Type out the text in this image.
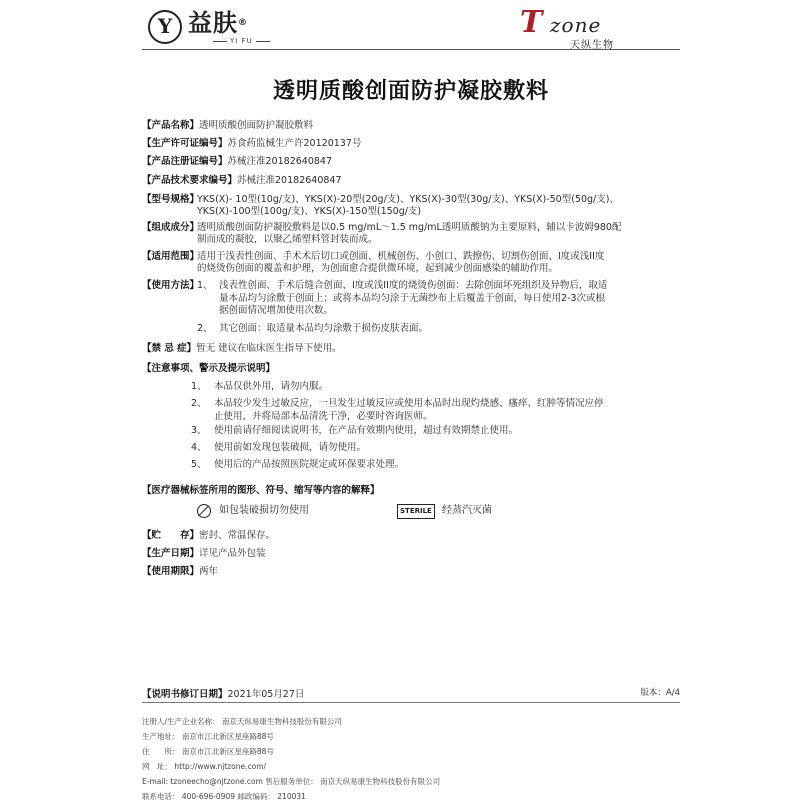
Y 益肤®
YI FU
T zone
天纵生物
透明质酸创面防护凝胶敷料
【产品名称】透明质酸创面防护凝胶敷料
【生产许可证编号】苏食药监械生产许20120137号
【产品注册证编号】苏械注准20182640847
【产品技术要求编号】苏械注准20182640847
【型号规格】
YKS(X)- 10型(10g/支)、YKS(X)-20型(20g/支)、YKS(X)-30型(30g/支)、YKS(X)-50型(50g/支)、
YKS(X)-100型(100g/支)、YKS(X)-150型(150g/支)
【组成成分】
透明质酸创面防护凝胶敷料是以0.5 mg/mL～1.5 mg/mL透明质酸钠为主要原料，辅以卡波姆980配
制而成的凝胶，以聚乙烯塑料管封装而成。
【适用范围】
适用于浅表性创面、手术术后切口或创面、机械创伤、小创口、跌擦伤、切割伤创面、I度或浅II度
的烧烫伤创面的覆盖和护理，为创面愈合提供微环境，起到减少创面感染的辅助作用。
【使用方法】
1、 浅表性创面、手术后缝合创面、I度或浅II度的烧烫伤创面：去除创面坏死组织及异物后，取适
量本品均匀涂敷于创面上；或将本品均匀涂于无菌纱布上后覆盖于创面，每日使用2-3次或根
据创面情况增加使用次数。
2、 其它创面：取适量本品均匀涂敷于损伤皮肤表面。
【禁 忌 症】暂无 建议在临床医生指导下使用。
【注意事项、警示及提示说明】
1、 本品仅供外用，请勿内服。
2、 本品较少发生过敏反应，一旦发生过敏反应或使用本品时出现灼烧感、瘙痒、红肿等情况应停
止使用，并将局部本品清洗干净，必要时咨询医师。
3、 使用前请仔细阅读说明书，在产品有效期内使用，超过有效期禁止使用。
4、 使用前如发现包装破损，请勿使用。
5、 使用后的产品按照医院规定或环保要求处理。
【医疗器械标签所用的图形、符号、缩写等内容的解释】
如包装破损切勿使用	STERILE	经蒸汽灭菌
【贮　　存】密封、常温保存。
【生产日期】详见产品外包装
【使用期限】两年
【说明书修订日期】2021年05月27日	版本：A/4
注册人/生产企业名称： 南京天纵易康生物科技股份有限公司
生产地址： 南京市江北新区星座路88号
住　　所： 南京市江北新区星座路88号
网　址： http://www.njtzone.com/
E-mail: tzoneecho@njtzone.com 售后服务单位： 南京天纵易康生物科技股份有限公司
联系电话： 400-696-0909 邮政编码： 210031
